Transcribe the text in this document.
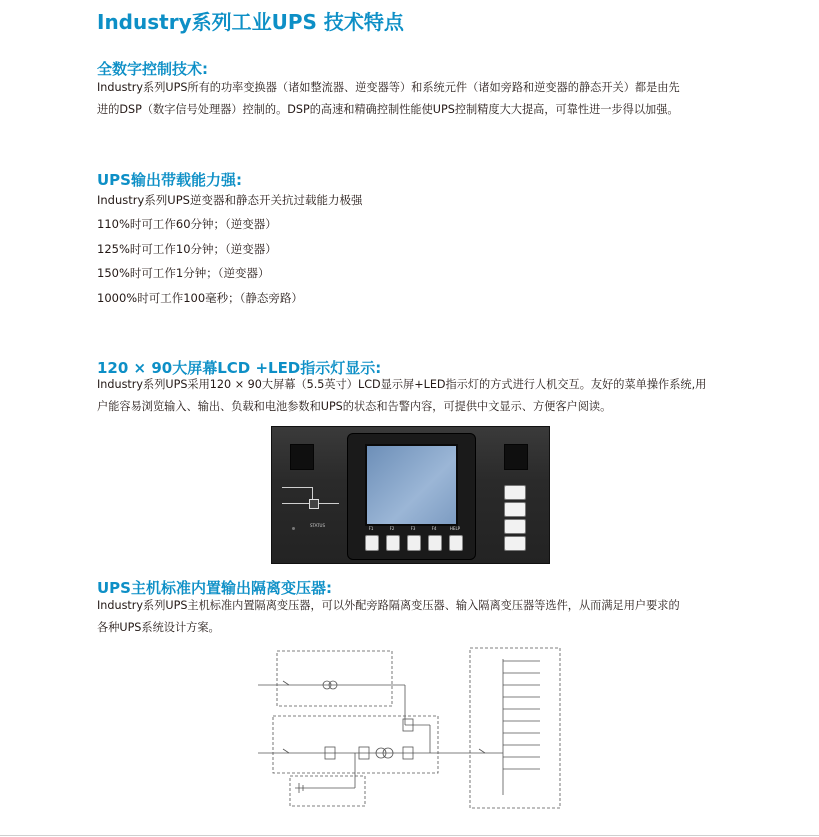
Industry系列工业UPS 技术特点
全数字控制技术:

Industry系列UPS所有的功率变换器（诸如整流器、逆变器等）和系统元件（诸如旁路和逆变器的静态开关）都是由先

进的DSP（数字信号处理器）控制的。DSP的高速和精确控制性能使UPS控制精度大大提高，可靠性进一步得以加强。

UPS输出带载能力强:
Industry系列UPS逆变器和静态开关抗过载能力极强
110%时可工作60分钟；（逆变器）
125%时可工作10分钟；（逆变器）
150%时可工作1分钟；（逆变器）
1000%时可工作100毫秒；（静态旁路）
120 × 90大屏幕LCD +LED指示灯显示:

Industry系列UPS采用120 × 90大屏幕（5.5英寸）LCD显示屏+LED指示灯的方式进行人机交互。友好的菜单操作系统,用

户能容易浏览输入、输出、负载和电池参数和UPS的状态和告警内容，可提供中文显示、方便客户阅读。

STATUS
F1	F2	F3	F4	HELP
UPS主机标准内置输出隔离变压器:

Industry系列UPS主机标准内置隔离变压器，可以外配旁路隔离变压器、输入隔离变压器等选件，从而满足用户要求的

各种UPS系统设计方案。
